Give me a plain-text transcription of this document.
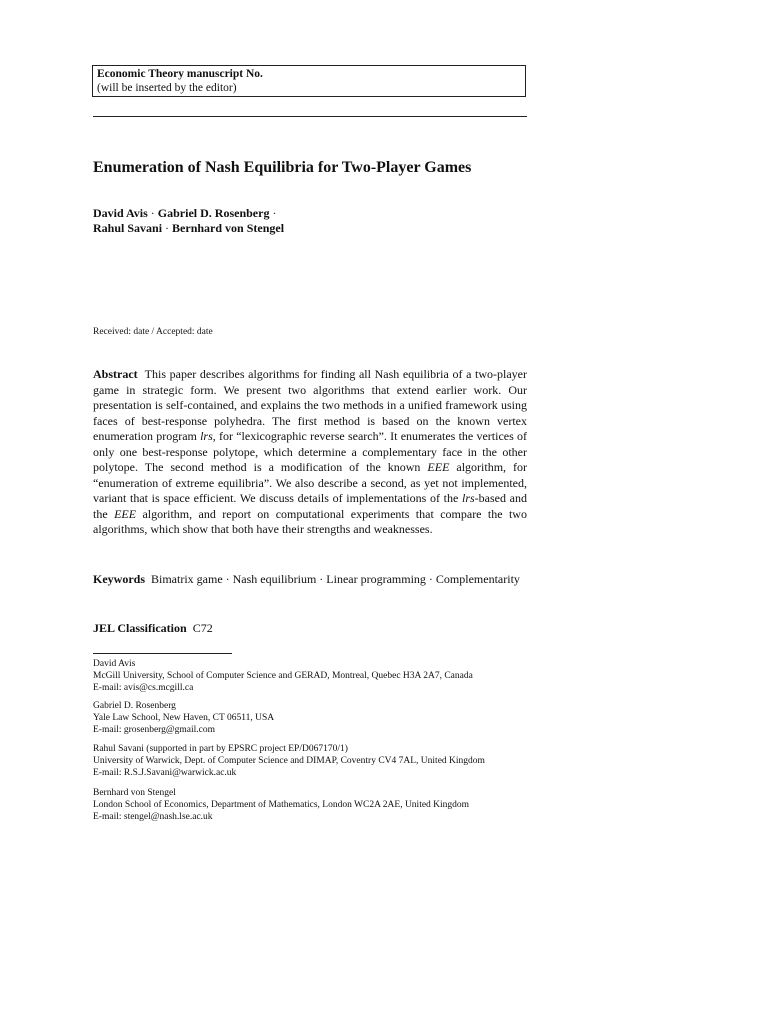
Economic Theory manuscript No.
(will be inserted by the editor)
Enumeration of Nash Equilibria for Two-Player Games
David Avis · Gabriel D. Rosenberg ·
Rahul Savani · Bernhard von Stengel
Received: date / Accepted: date
Abstract This paper describes algorithms for finding all Nash equilibria of a two-player game in strategic form. We present two algorithms that extend earlier work. Our presentation is self-contained, and explains the two methods in a unified framework using faces of best-response polyhedra. The first method is based on the known vertex enumeration program lrs, for “lexicographic reverse search”. It enumerates the vertices of only one best-response polytope, which determine a complementary face in the other polytope. The second method is a modification of the known EEE algorithm, for “enumeration of extreme equilibria”. We also describe a second, as yet not implemented, variant that is space efficient. We discuss details of implementations of the lrs-based and the EEE algorithm, and report on computational experiments that compare the two algorithms, which show that both have their strengths and weaknesses.
Keywords Bimatrix game · Nash equilibrium · Linear programming · Complementarity
JEL Classification C72
David Avis
McGill University, School of Computer Science and GERAD, Montreal, Quebec H3A 2A7, Canada
E-mail: avis@cs.mcgill.ca
Gabriel D. Rosenberg
Yale Law School, New Haven, CT 06511, USA
E-mail: grosenberg@gmail.com
Rahul Savani (supported in part by EPSRC project EP/D067170/1)
University of Warwick, Dept. of Computer Science and DIMAP, Coventry CV4 7AL, United Kingdom
E-mail: R.S.J.Savani@warwick.ac.uk
Bernhard von Stengel
London School of Economics, Department of Mathematics, London WC2A 2AE, United Kingdom
E-mail: stengel@nash.lse.ac.uk
